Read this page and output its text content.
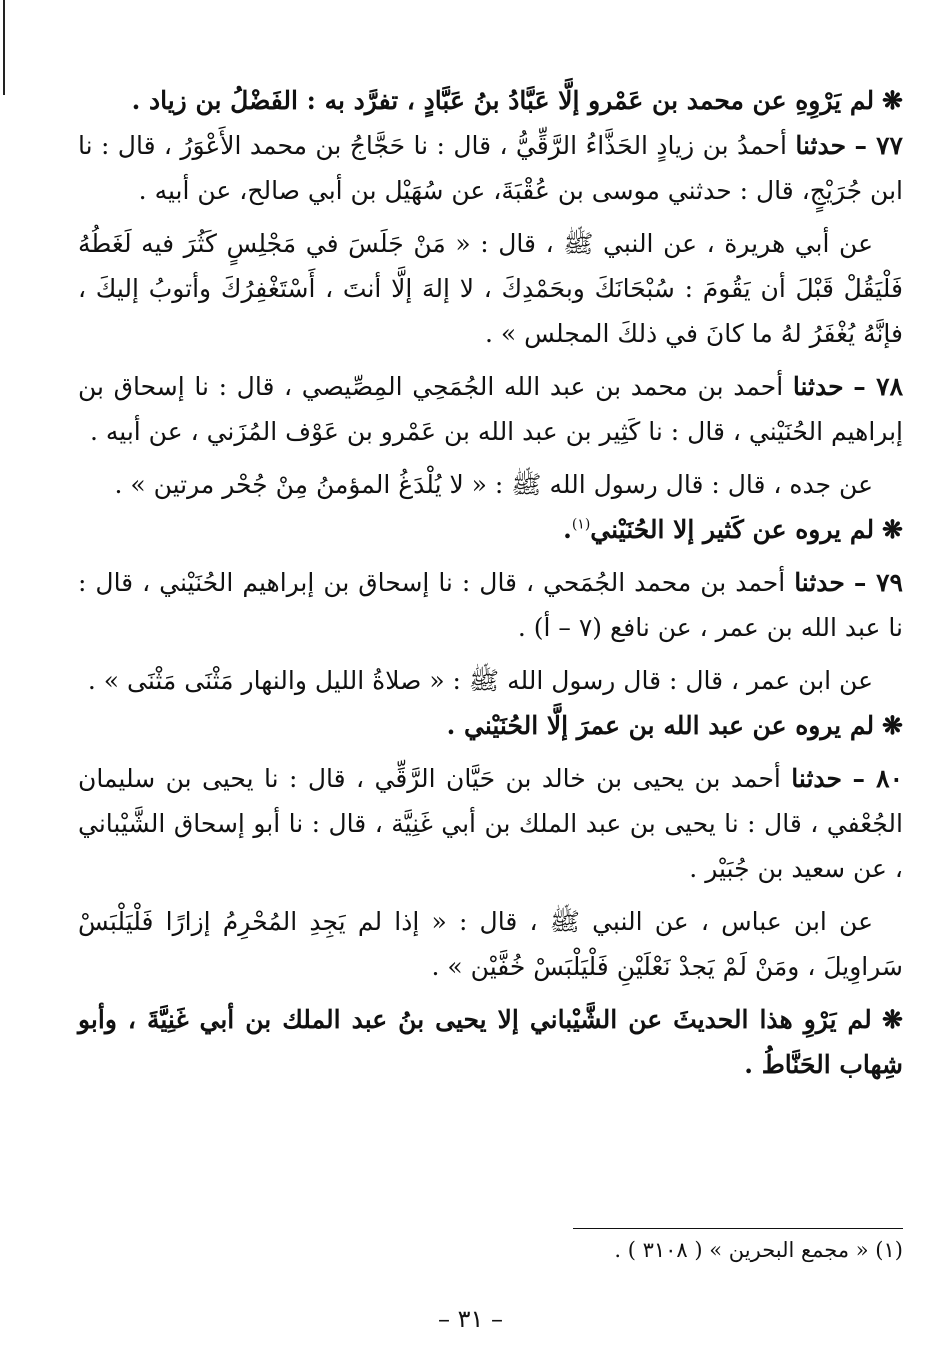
❋ لم يَرْوِهِ عن محمد بن عَمْرو إلَّا عَبَّادُ بنُ عَبَّادٍ ، تفرَّد به : الفَضْلُ بن زياد .

٧٧ – حدثنا أحمدُ بن زيادٍ الحَذَّاءُ الرَّقِّيُّ ، قال : نا حَجَّاجُ بن محمد الأَعْوَرُ ، قال : نا ابن جُرَيْجٍ، قال : حدثني موسى بن عُقْبَةَ، عن سُهَيْل بن أبي صالح، عن أبيه .

عن أبي هريرة ، عن النبي ﷺ ، قال : « مَنْ جَلَسَ في مَجْلِسٍ كَثُرَ فيه لَغَطُهُ فَلْيَقُلْ قَبْلَ أن يَقُومَ : سُبْحَانَكَ وبحَمْدِكَ ، لا إلهَ إلَّا أنتَ ، أَسْتَغْفِرُكَ وأتوبُ إليكَ ، فإنَّهُ يُغْفَرُ لهُ ما كانَ في ذلكَ المجلس » .

٧٨ – حدثنا أحمد بن محمد بن عبد الله الجُمَحِي المِصِّيصي ، قال : نا إسحاق بن إبراهيم الحُنَيْني ، قال : نا كَثِير بن عبد الله بن عَمْرو بن عَوْف المُزَني ، عن أبيه .

عن جده ، قال : قال رسول الله ﷺ : « لا يُلْدَغُ المؤمنُ مِنْ جُحْر مرتين » .

❋ لم يروه عن كَثير إلا الحُنَيْني$^{(١)}$.

٧٩ – حدثنا أحمد بن محمد الجُمَحي ، قال : نا إسحاق بن إبراهيم الحُنَيْني ، قال : نا عبد الله بن عمر ، عن نافع (٧ – أ) .

عن ابن عمر ، قال : قال رسول الله ﷺ : « صلاةُ الليل والنهار مَثْنَى مَثْنَى » .

❋ لم يروه عن عبد الله بن عمرَ إلَّا الحُنَيْني .

٨٠ – حدثنا أحمد بن يحيى بن خالد بن حَيَّان الرَّقِّي ، قال : نا يحيى بن سليمان الجُعْفي ، قال : نا يحيى بن عبد الملك بن أبي غَنِيَّة ، قال : نا أبو إسحاق الشَّيْباني ، عن سعيد بن جُبَيْر .

عن ابن عباس ، عن النبي ﷺ ، قال : « إذا لم يَجِدِ المُحْرِمُ إزارًا فَلْيَلْبَسْ سَراوِيلَ ، ومَنْ لَمْ يَجدْ نَعْلَيْنِ فَلْيَلْبَسْ خُفَّيْن » .

❋ لم يَرْوِ هذا الحديثَ عن الشَّيْباني إلا يحيى بنُ عبد الملك بن أبي غَنِيَّةَ ، وأبو شِهاب الحَنَّاطُ .

(١) « مجمع البحرين » ( ٣١٠٨ ) .
– ٣١ –
